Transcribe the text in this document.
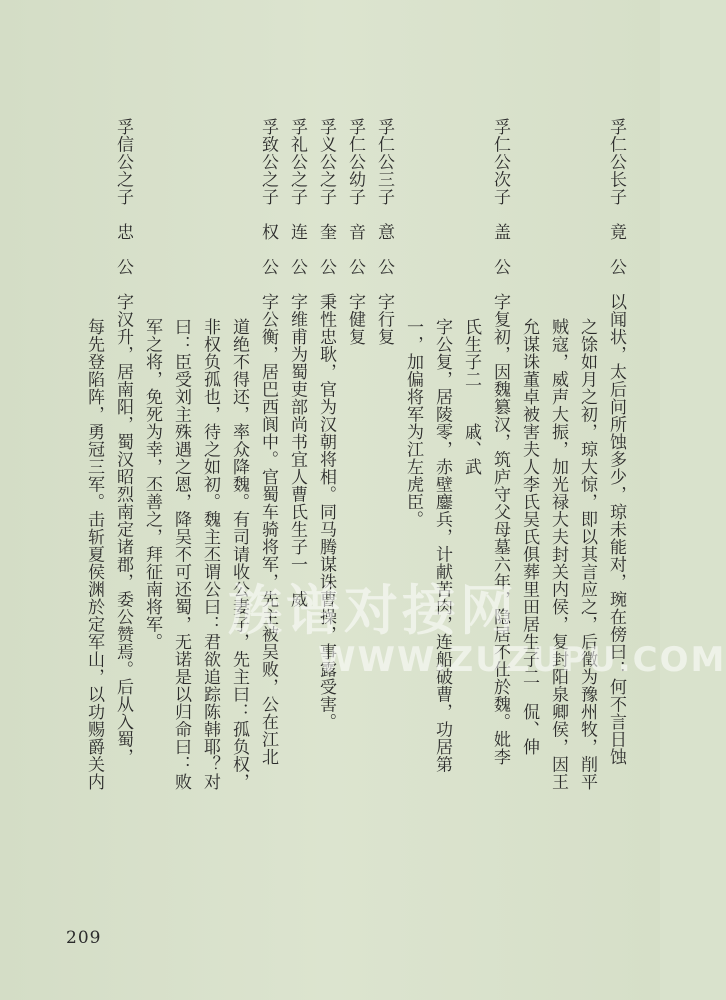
孚仁公长子　竟　公　以闻状，太后问所蚀多少，琼未能对，琬在傍曰：何不言日蚀
之馀如月之初，琼大惊，即以其言应之，后徵为豫州牧，削平
贼寇，威声大振，加光禄大夫封关内侯，复封阳泉卿侯，因王
允谋诛董卓被害夫人李氏吴氏俱葬里田居生子二　侃、伸
孚仁公次子　盖　公　字复初，因魏篡汉，筑庐守父母墓六年，隐居不仕於魏。妣李
氏生子二　　戚、武
字公复，居陵零，赤壁鏖兵，计献苦肉，连船破曹，功居第
一，加偏将军为江左虎臣。
孚仁公三子　意　公　字行复
孚仁公幼子　音　公　字健复
孚义公之子　奎　公　秉性忠耿，官为汉朝将相。同马腾谋诛曹操，事露受害。
孚礼公之子　连　公　字维甫为蜀吏部尚书宜人曹氏生子一　威
孚致公之子　权　公　字公衡，居巴西阆中。官蜀车骑将军，先主被吴败，公在江北
道绝不得还，率众降魏。有司请收公妻子，先主曰：孤负权，
非权负孤也，待之如初。魏主丕谓公曰：君欲追踪陈韩耶？对
曰：臣受刘主殊遇之恩，降吴不可还蜀，无诺是以归命曰：败
军之将，免死为幸，丕善之，拜征南将军。
孚信公之子　忠　公　字汉升，居南阳，蜀汉昭烈南定诸郡，委公赞焉。后从入蜀，
每先登陷阵，勇冠三军。击斩夏侯渊於定军山，以功赐爵关内 族谱对接网
WWW.ZUZUPU.COM
209
